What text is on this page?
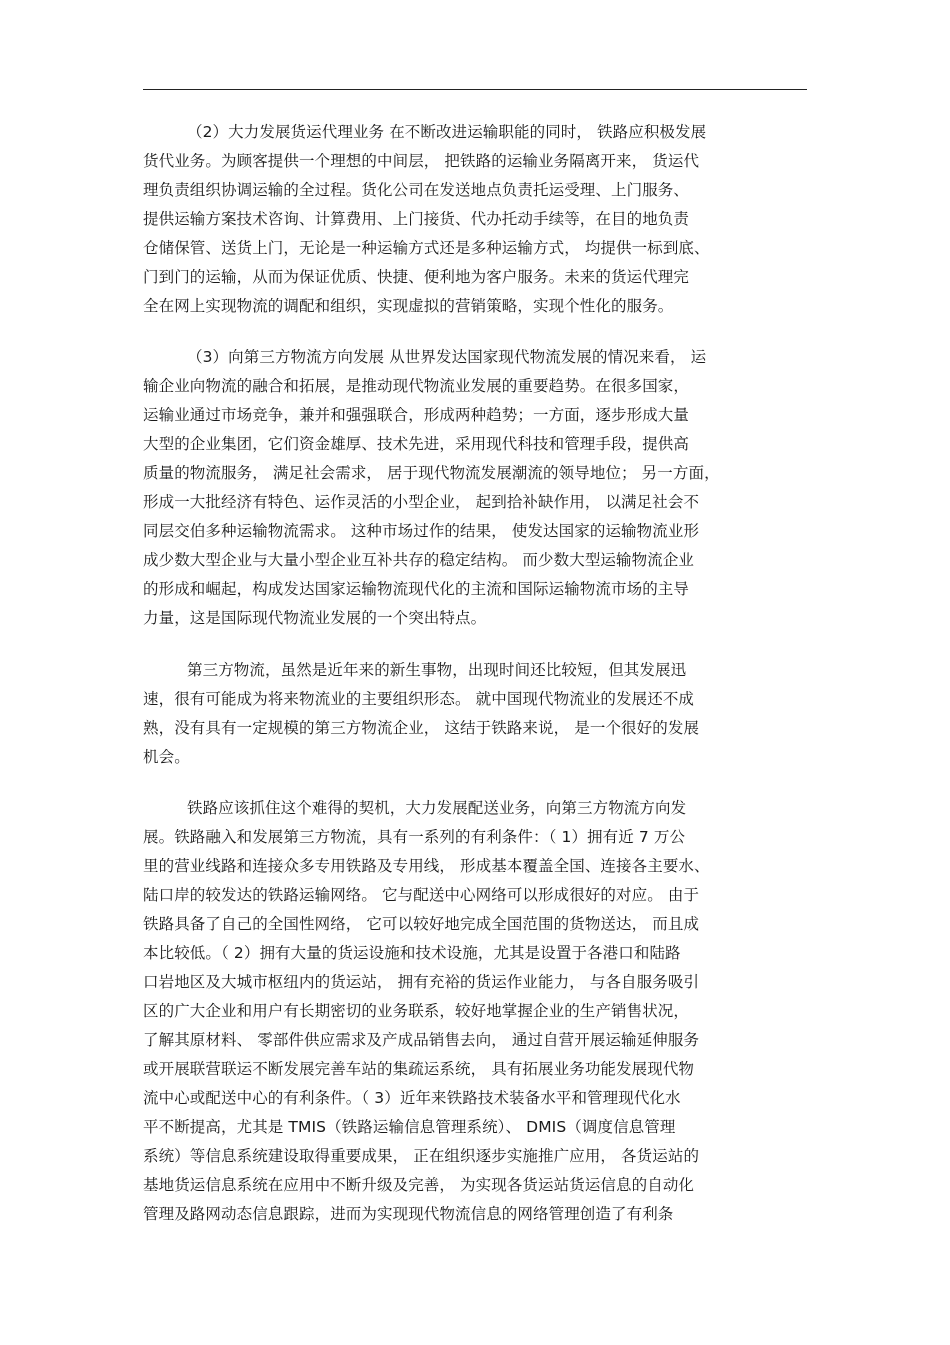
（2）大力发展货运代理业务 在不断改进运输职能的同时， 铁路应积极发展
货代业务。为顾客提供一个理想的中间层， 把铁路的运输业务隔离开来， 货运代
理负责组织协调运输的全过程。货化公司在发送地点负责托运受理、上门服务、
提供运输方案技术咨询、计算费用、上门接货、代办托动手续等，在目的地负责
仓储保管、送货上门，无论是一种运输方式还是多种运输方式， 均提供一标到底、
门到门的运输，从而为保证优质、快捷、便利地为客户服务。未来的货运代理完
全在网上实现物流的调配和组织，实现虚拟的营销策略，实现个性化的服务。
（3）向第三方物流方向发展 从世界发达国家现代物流发展的情况来看， 运
输企业向物流的融合和拓展，是推动现代物流业发展的重要趋势。在很多国家，
运输业通过市场竞争，兼并和强强联合，形成两种趋势；一方面，逐步形成大量
大型的企业集团，它们资金雄厚、技术先进，采用现代科技和管理手段，提供高
质量的物流服务， 满足社会需求， 居于现代物流发展潮流的领导地位； 另一方面，
形成一大批经济有特色、运作灵活的小型企业， 起到拾补缺作用， 以满足社会不
同层交伯多种运输物流需求。 这种市场过作的结果， 使发达国家的运输物流业形
成少数大型企业与大量小型企业互补共存的稳定结构。 而少数大型运输物流企业
的形成和崛起，构成发达国家运输物流现代化的主流和国际运输物流市场的主导
力量，这是国际现代物流业发展的一个突出特点。
第三方物流，虽然是近年来的新生事物，出现时间还比较短，但其发展迅
速，很有可能成为将来物流业的主要组织形态。 就中国现代物流业的发展还不成
熟，没有具有一定规模的第三方物流企业， 这结于铁路来说， 是一个很好的发展
机会。
铁路应该抓住这个难得的契机，大力发展配送业务，向第三方物流方向发
展。铁路融入和发展第三方物流，具有一系列的有利条件：（ 1）拥有近 7 万公
里的营业线路和连接众多专用铁路及专用线， 形成基本覆盖全国、连接各主要水、
陆口岸的较发达的铁路运输网络。 它与配送中心网络可以形成很好的对应。 由于
铁路具备了自己的全国性网络， 它可以较好地完成全国范围的货物送达， 而且成
本比较低。（ 2）拥有大量的货运设施和技术设施，尤其是设置于各港口和陆路
口岩地区及大城市枢纽内的货运站， 拥有充裕的货运作业能力， 与各自服务吸引
区的广大企业和用户有长期密切的业务联系，较好地掌握企业的生产销售状况，
了解其原材料、 零部件供应需求及产成品销售去向， 通过自营开展运输延伸服务
或开展联营联运不断发展完善车站的集疏运系统， 具有拓展业务功能发展现代物
流中心或配送中心的有利条件。（ 3）近年来铁路技术装备水平和管理现代化水
平不断提高，尤其是 TMIS（铁路运输信息管理系统）、 DMIS（调度信息管理
系统）等信息系统建设取得重要成果， 正在组织逐步实施推广应用， 各货运站的
基地货运信息系统在应用中不断升级及完善， 为实现各货运站货运信息的自动化
管理及路网动态信息跟踪，进而为实现现代物流信息的网络管理创造了有利条
